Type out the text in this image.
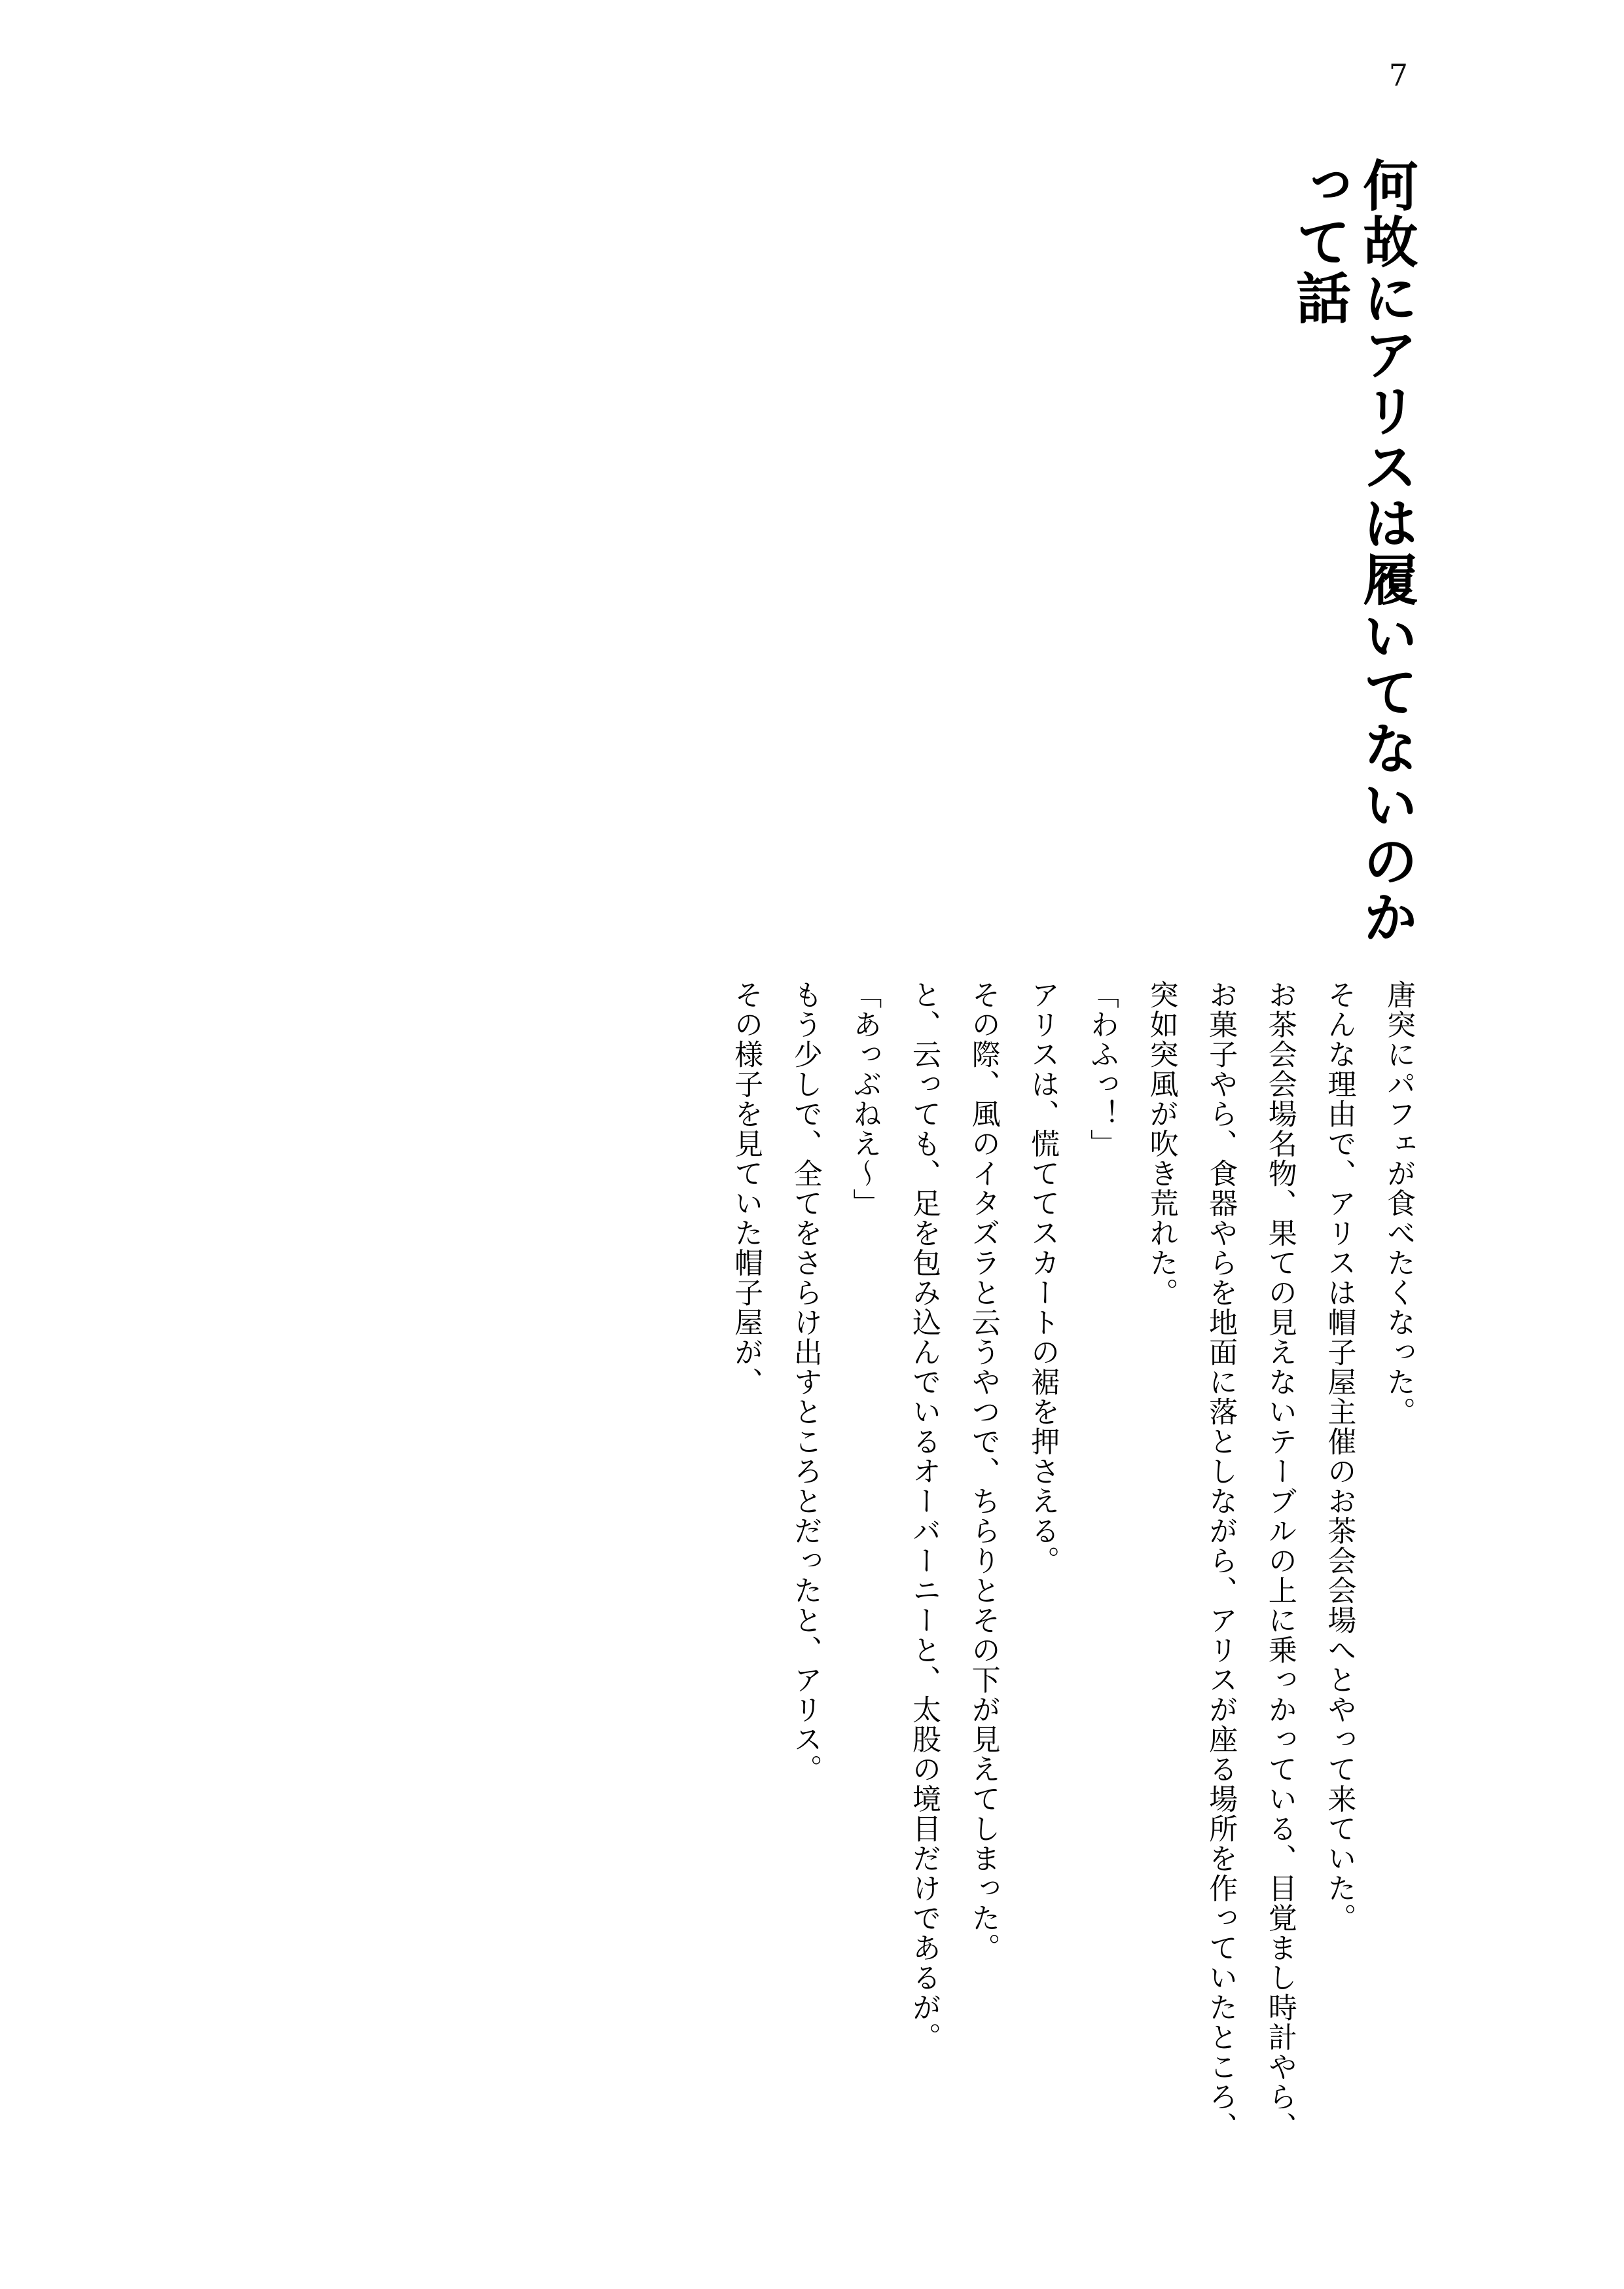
7
何故にアリスは履いてないのかって話

唐突にパフェが食べたくなった。

そんな理由で、アリスは帽子屋主催のお茶会会場へとやって来ていた。

お茶会会場名物、果ての見えないテーブルの上に乗っかっている、目覚まし時計やら、お菓子やら、食器やらを地面に落としながら、アリスが座る場所を作っていたところ、突如突風が吹き荒れた。

「わふっ！」

アリスは、慌ててスカートの裾を押さえる。

その際、風のイタズラと云うやつで、ちらりとその下が見えてしまった。

と、云っても、足を包み込んでいるオーバーニーと、太股の境目だけであるが。

「あっぶねえ～」

もう少しで、全てをさらけ出すところとだったと、アリス。

その様子を見ていた帽子屋が、
